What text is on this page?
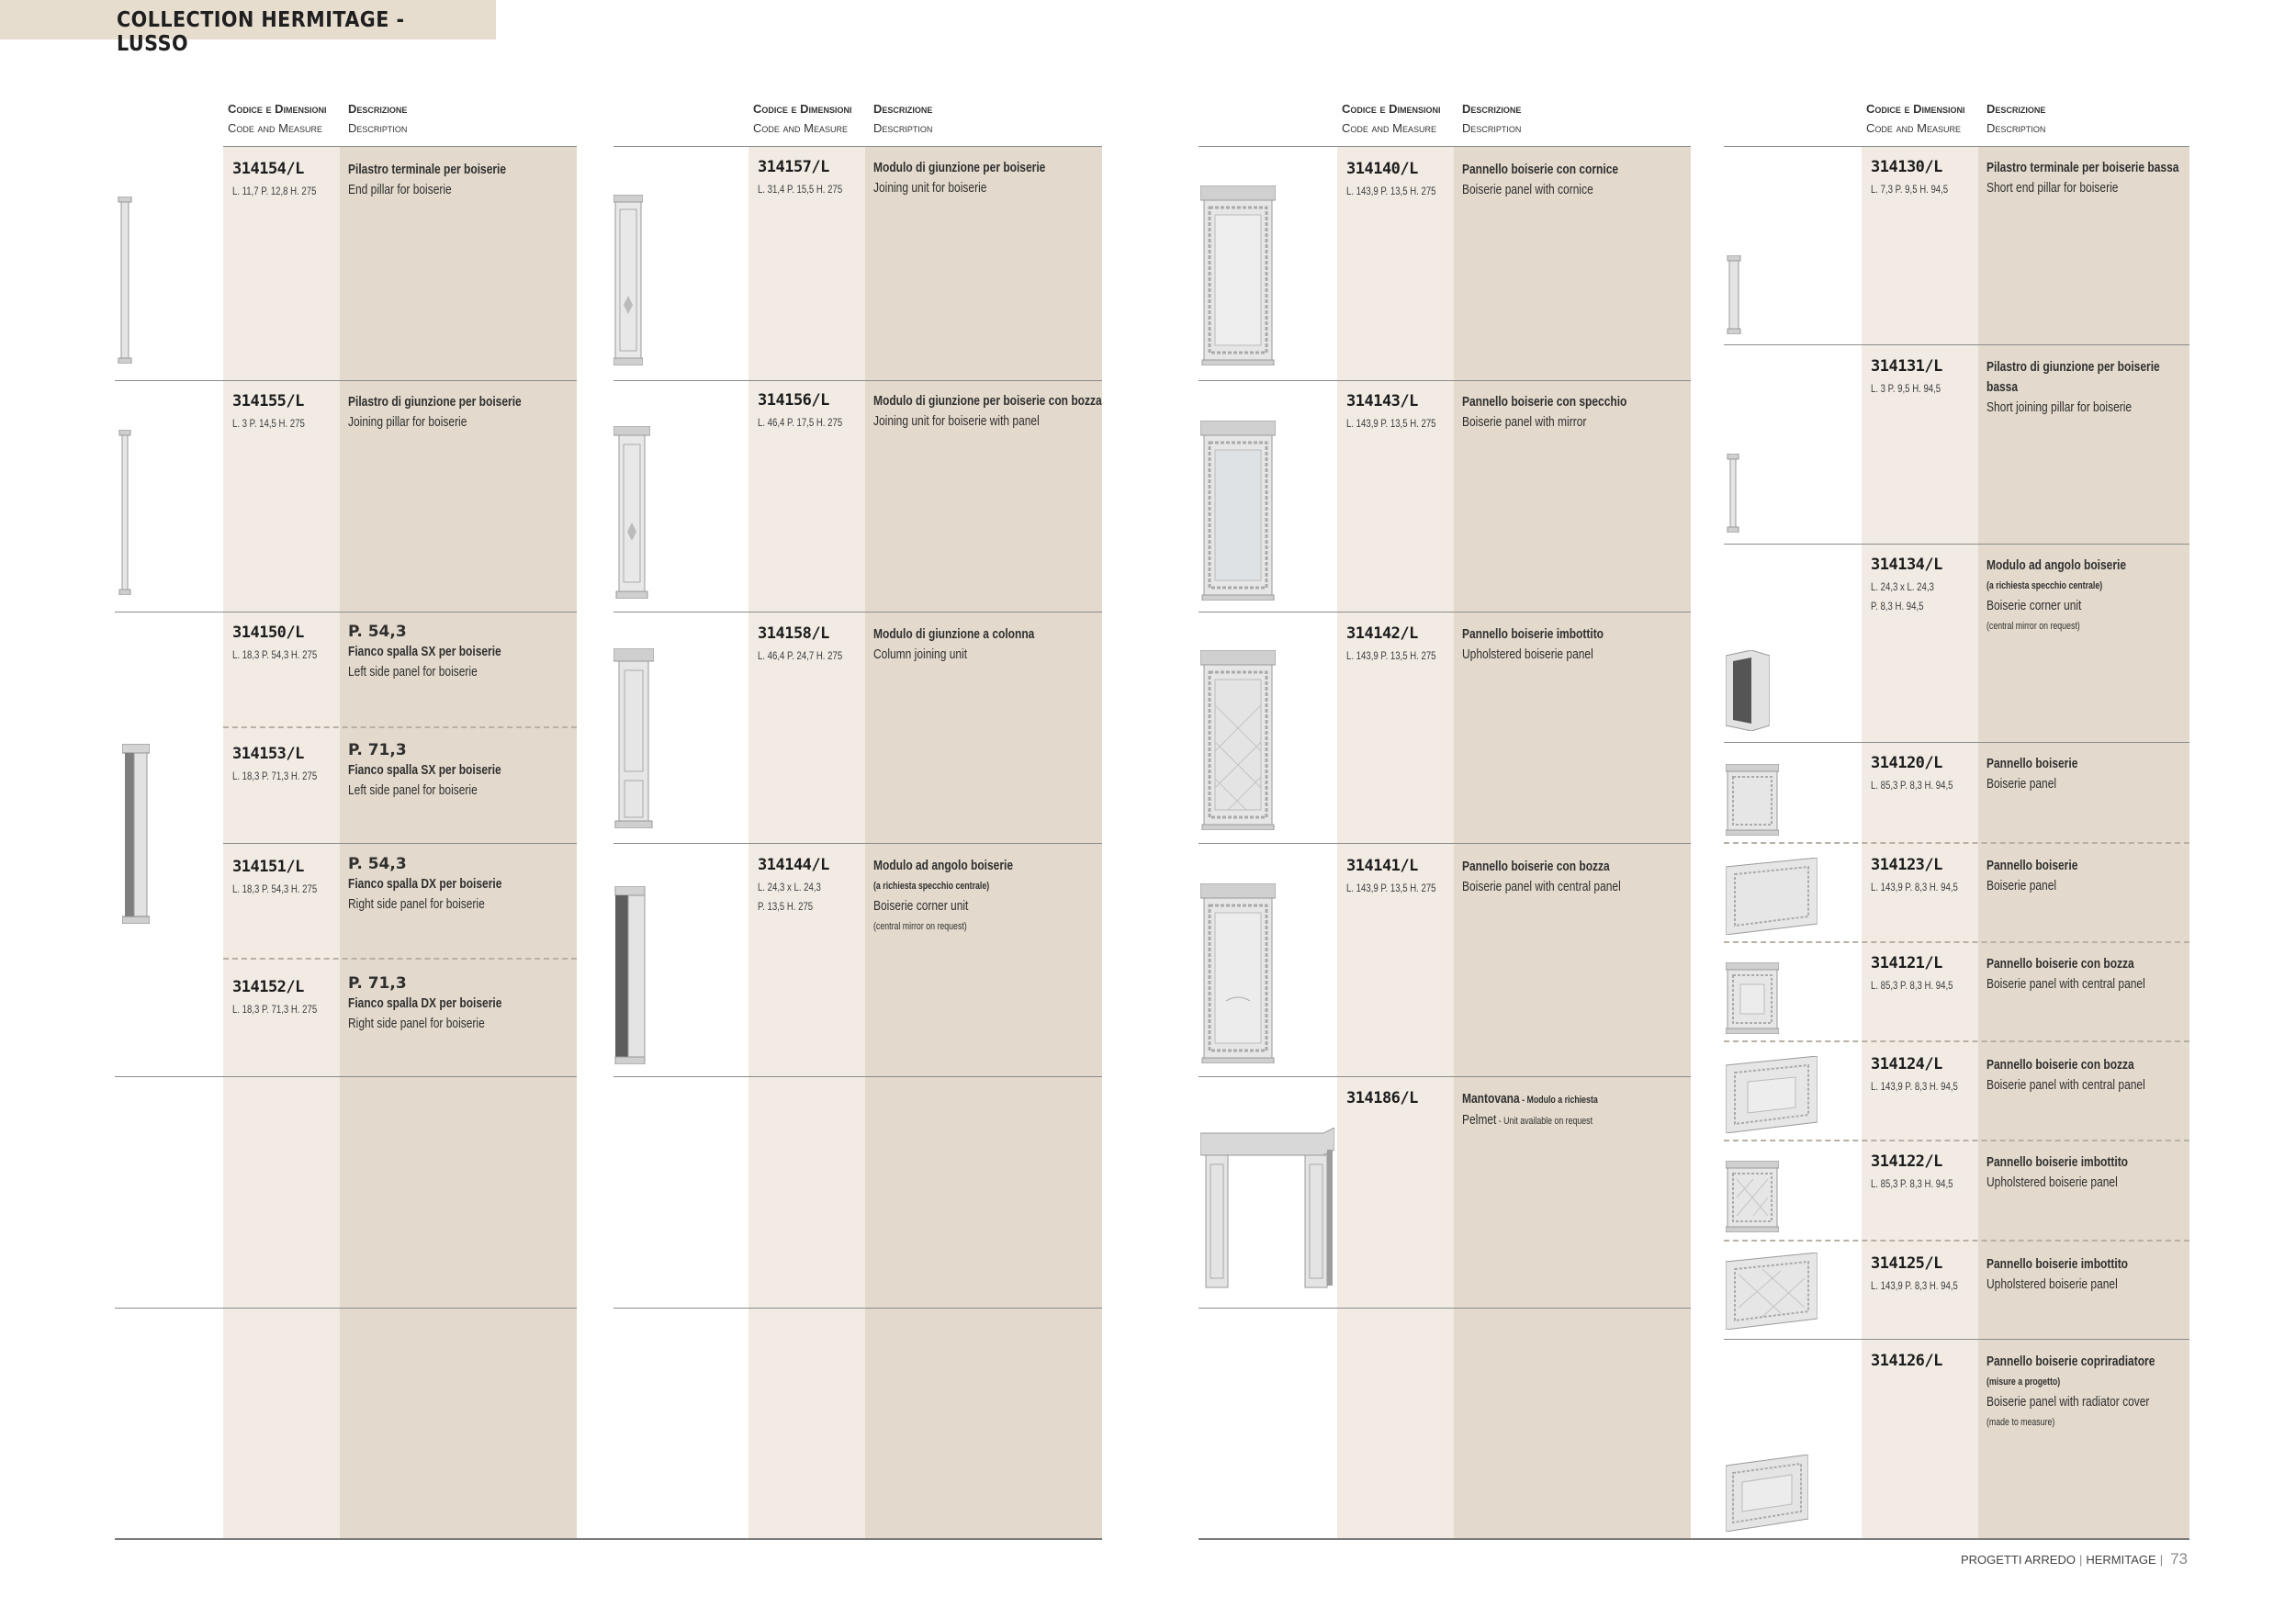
COLLECTION HERMITAGE - LUSSO
Codice e Dimensioni
Code and Measure
Descrizione
Description
Codice e Dimensioni
Code and Measure
Descrizione
Description
Codice e Dimensioni
Code and Measure
Descrizione
Description
Codice e Dimensioni
Code and Measure
Descrizione
Description
314154/L
L. 11,7 P. 12,8 H. 275
Pilastro terminale per boiserie
End pillar for boiserie
314155/L
L. 3 P. 14,5 H. 275
Pilastro di giunzione per boiserie
Joining pillar for boiserie
314150/L
L. 18,3 P. 54,3 H. 275
P. 54,3
Fianco spalla SX per boiserie
Left side panel for boiserie
314153/L
L. 18,3 P. 71,3 H. 275
P. 71,3
Fianco spalla SX per boiserie
Left side panel for boiserie
314151/L
L. 18,3 P. 54,3 H. 275
P. 54,3
Fianco spalla DX per boiserie
Right side panel for boiserie
314152/L
L. 18,3 P. 71,3 H. 275
P. 71,3
Fianco spalla DX per boiserie
Right side panel for boiserie
314157/L
L. 31,4 P. 15,5 H. 275
Modulo di giunzione per boiserie
Joining unit for boiserie
314156/L
L. 46,4 P. 17,5 H. 275
Modulo di giunzione per boiserie con bozza
Joining unit for boiserie with panel
314158/L
L. 46,4 P. 24,7 H. 275
Modulo di giunzione a colonna
Column joining unit
314144/L
L. 24,3 x L. 24,3
P. 13,5 H. 275
Modulo ad angolo boiserie
(a richiesta specchio centrale)
Boiserie corner unit
(central mirror on request)
314140/L
L. 143,9 P. 13,5 H. 275
Pannello boiserie con cornice
Boiserie panel with cornice
314143/L
L. 143,9 P. 13,5 H. 275
Pannello boiserie con specchio
Boiserie panel with mirror
314142/L
L. 143,9 P. 13,5 H. 275
Pannello boiserie imbottito
Upholstered boiserie panel
314141/L
L. 143,9 P. 13,5 H. 275
Pannello boiserie con bozza
Boiserie panel with central panel
314186/L	Mantovana - Modulo a richiesta
Pelmet - Unit available on request
314130/L
L. 7,3 P. 9,5 H. 94,5
Pilastro terminale per boiserie bassa
Short end pillar for boiserie
314131/L
L. 3 P. 9,5 H. 94,5
Pilastro di giunzione per boiserie
bassa
Short joining pillar for boiserie
314134/L
L. 24,3 x L. 24,3
P. 8,3 H. 94,5
Modulo ad angolo boiserie
(a richiesta specchio centrale)
Boiserie corner unit
(central mirror on request)
314120/L
L. 85,3 P. 8,3 H. 94,5
Pannello boiserie
Boiserie panel
314123/L
L. 143,9 P. 8,3 H. 94,5
Pannello boiserie
Boiserie panel
314121/L
L. 85,3 P. 8,3 H. 94,5
Pannello boiserie con bozza
Boiserie panel with central panel
314124/L
L. 143,9 P. 8,3 H. 94,5
Pannello boiserie con bozza
Boiserie panel with central panel
314122/L
L. 85,3 P. 8,3 H. 94,5
Pannello boiserie imbottito
Upholstered boiserie panel
314125/L
L. 143,9 P. 8,3 H. 94,5
Pannello boiserie imbottito
Upholstered boiserie panel
314126/L	Pannello boiserie copriradiatore
(misure a progetto)
Boiserie panel with radiator cover
(made to measure)
PROGETTI ARREDO | HERMITAGE | 73
